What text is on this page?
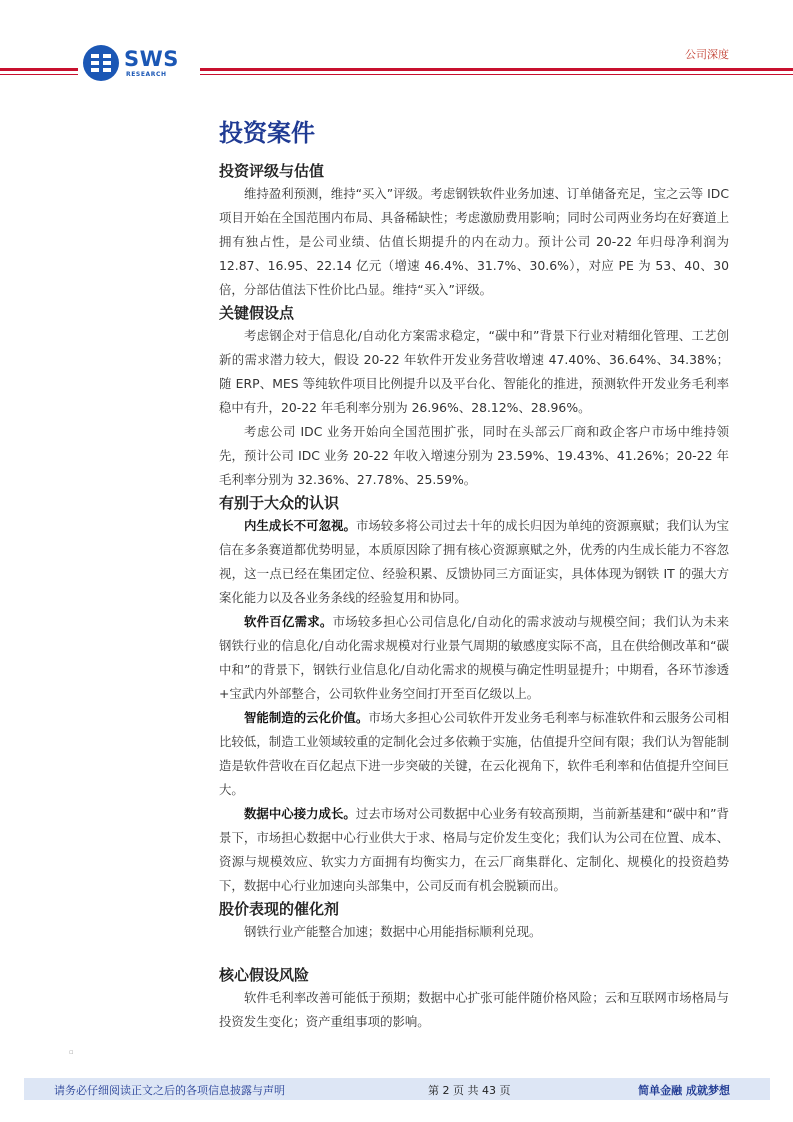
SWS
RESEARCH
公司深度
投资案件
投资评级与估值

维持盈利预测，维持“买入”评级。考虑钢铁软件业务加速、订单储备充足，宝之云等 IDC 项目开始在全国范围内布局、具备稀缺性；考虑激励费用影响；同时公司两业务均在好赛道上拥有独占性，是公司业绩、估值长期提升的内在动力。预计公司 20-22 年归母净利润为 12.87、16.95、22.14 亿元（增速 46.4%、31.7%、30.6%），对应 PE 为 53、40、30 倍，分部估值法下性价比凸显。维持“买入”评级。

关键假设点

考虑钢企对于信息化/自动化方案需求稳定，“碳中和”背景下行业对精细化管理、工艺创新的需求潜力较大，假设 20-22 年软件开发业务营收增速 47.40%、36.64%、34.38%；随 ERP、MES 等纯软件项目比例提升以及平台化、智能化的推进，预测软件开发业务毛利率稳中有升，20-22 年毛利率分别为 26.96%、28.12%、28.96%。

考虑公司 IDC 业务开始向全国范围扩张，同时在头部云厂商和政企客户市场中维持领先，预计公司 IDC 业务 20-22 年收入增速分别为 23.59%、19.43%、41.26%；20-22 年毛利率分别为 32.36%、27.78%、25.59%。

有别于大众的认识

内生成长不可忽视。市场较多将公司过去十年的成长归因为单纯的资源禀赋；我们认为宝信在多条赛道都优势明显，本质原因除了拥有核心资源禀赋之外，优秀的内生成长能力不容忽视，这一点已经在集团定位、经验积累、反馈协同三方面证实，具体体现为钢铁 IT 的强大方案化能力以及各业务条线的经验复用和协同。

软件百亿需求。市场较多担心公司信息化/自动化的需求波动与规模空间；我们认为未来钢铁行业的信息化/自动化需求规模对行业景气周期的敏感度实际不高，且在供给侧改革和“碳中和”的背景下，钢铁行业信息化/自动化需求的规模与确定性明显提升；中期看，各环节渗透+宝武内外部整合，公司软件业务空间打开至百亿级以上。

智能制造的云化价值。市场大多担心公司软件开发业务毛利率与标准软件和云服务公司相比较低，制造工业领域较重的定制化会过多依赖于实施，估值提升空间有限；我们认为智能制造是软件营收在百亿起点下进一步突破的关键，在云化视角下，软件毛利率和估值提升空间巨大。

数据中心接力成长。过去市场对公司数据中心业务有较高预期，当前新基建和“碳中和”背景下，市场担心数据中心行业供大于求、格局与定价发生变化；我们认为公司在位置、成本、资源与规模效应、软实力方面拥有均衡实力，在云厂商集群化、定制化、规模化的投资趋势下，数据中心行业加速向头部集中，公司反而有机会脱颖而出。

股价表现的催化剂

钢铁行业产能整合加速；数据中心用能指标顺利兑现。

核心假设风险

软件毛利率改善可能低于预期；数据中心扩张可能伴随价格风险；云和互联网市场格局与投资发生变化；资产重组事项的影响。

▫
请务必仔细阅读正文之后的各项信息披露与声明	第 2 页 共 43 页	简单金融 成就梦想
